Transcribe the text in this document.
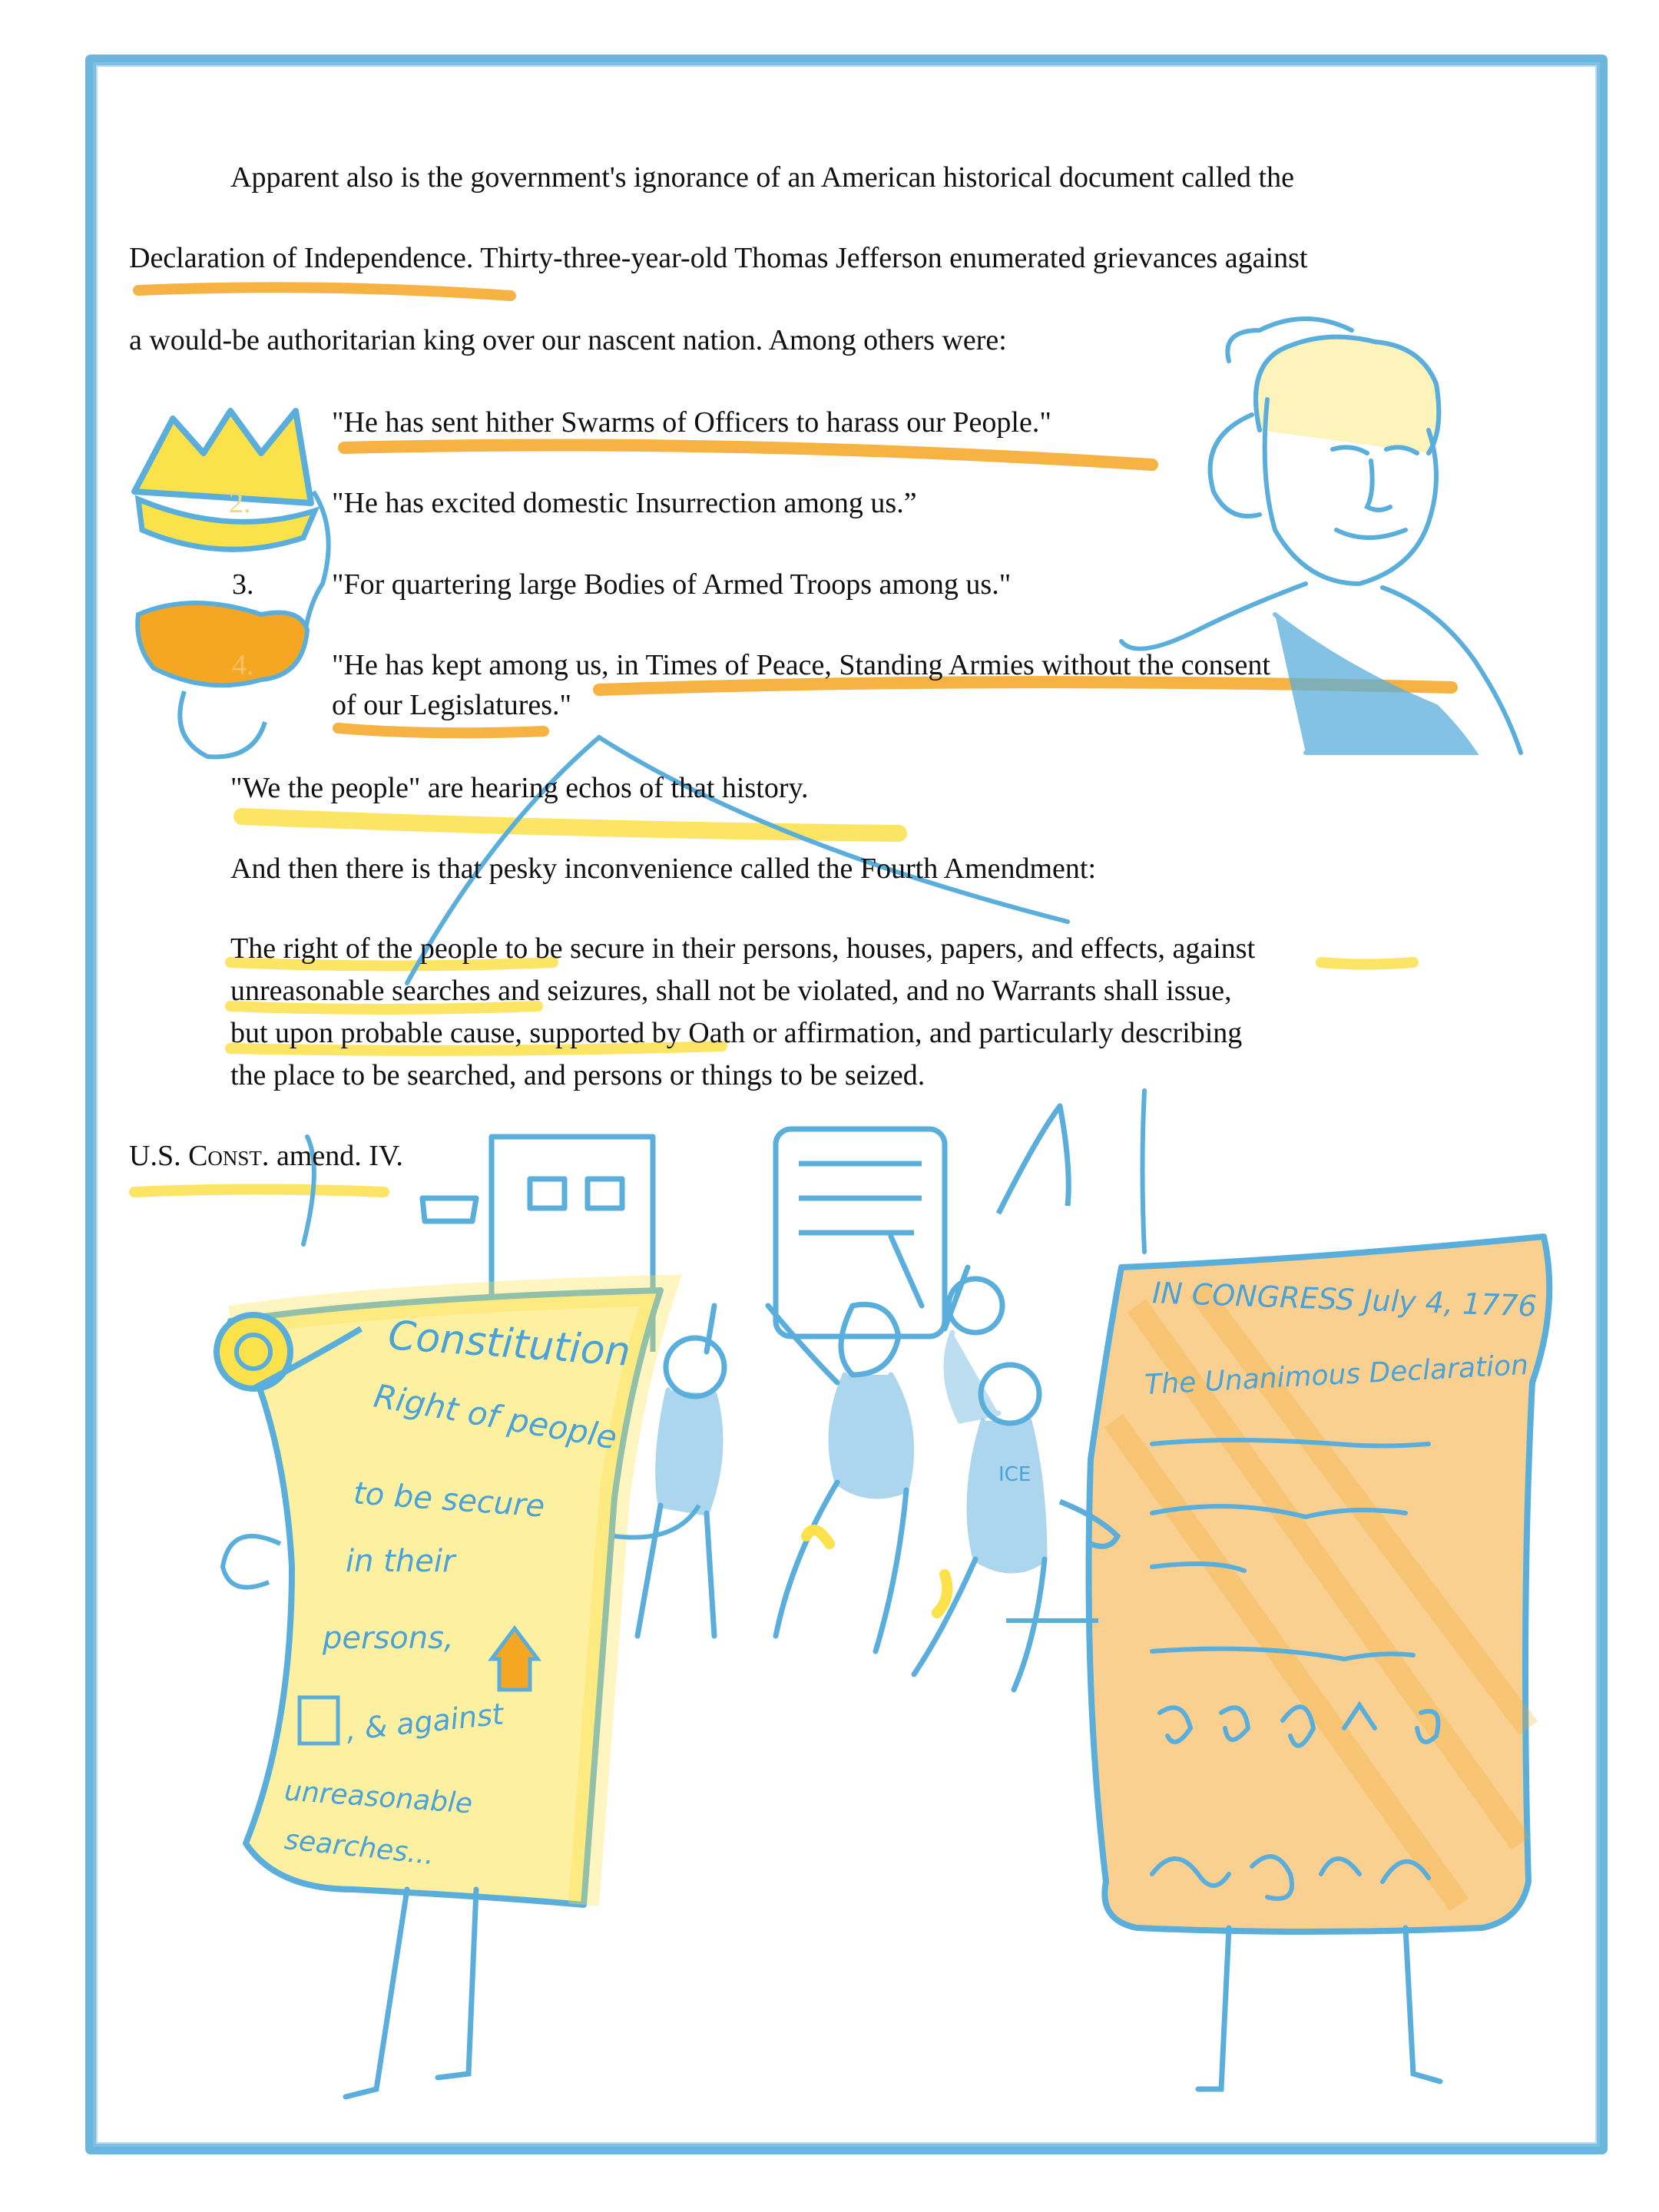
Apparent also is the government's ignorance of an American historical document called the
Declaration of Independence. Thirty-three-year-old Thomas Jefferson enumerated grievances against
a would-be authoritarian king over our nascent nation. Among others were:
"He has sent hither Swarms of Officers to harass our People."
2.	"He has excited domestic Insurrection among us.”
3.	"For quartering large Bodies of Armed Troops among us."
4.	"He has kept among us, in Times of Peace, Standing Armies without the consent
of our Legislatures."
"We the people" are hearing echos of that history.
And then there is that pesky inconvenience called the Fourth Amendment:
The right of the people to be secure in their persons, houses, papers, and effects, against
unreasonable searches and seizures, shall not be violated, and no Warrants shall issue,
but upon probable cause, supported by Oath or affirmation, and particularly describing
the place to be searched, and persons or things to be seized.
U.S. Const. amend. IV.
Constitution
Right of people
to be secure
in their
persons,
, & against
unreasonable
searches...
IN CONGRESS July 4, 1776
The Unanimous Declaration
ICE
